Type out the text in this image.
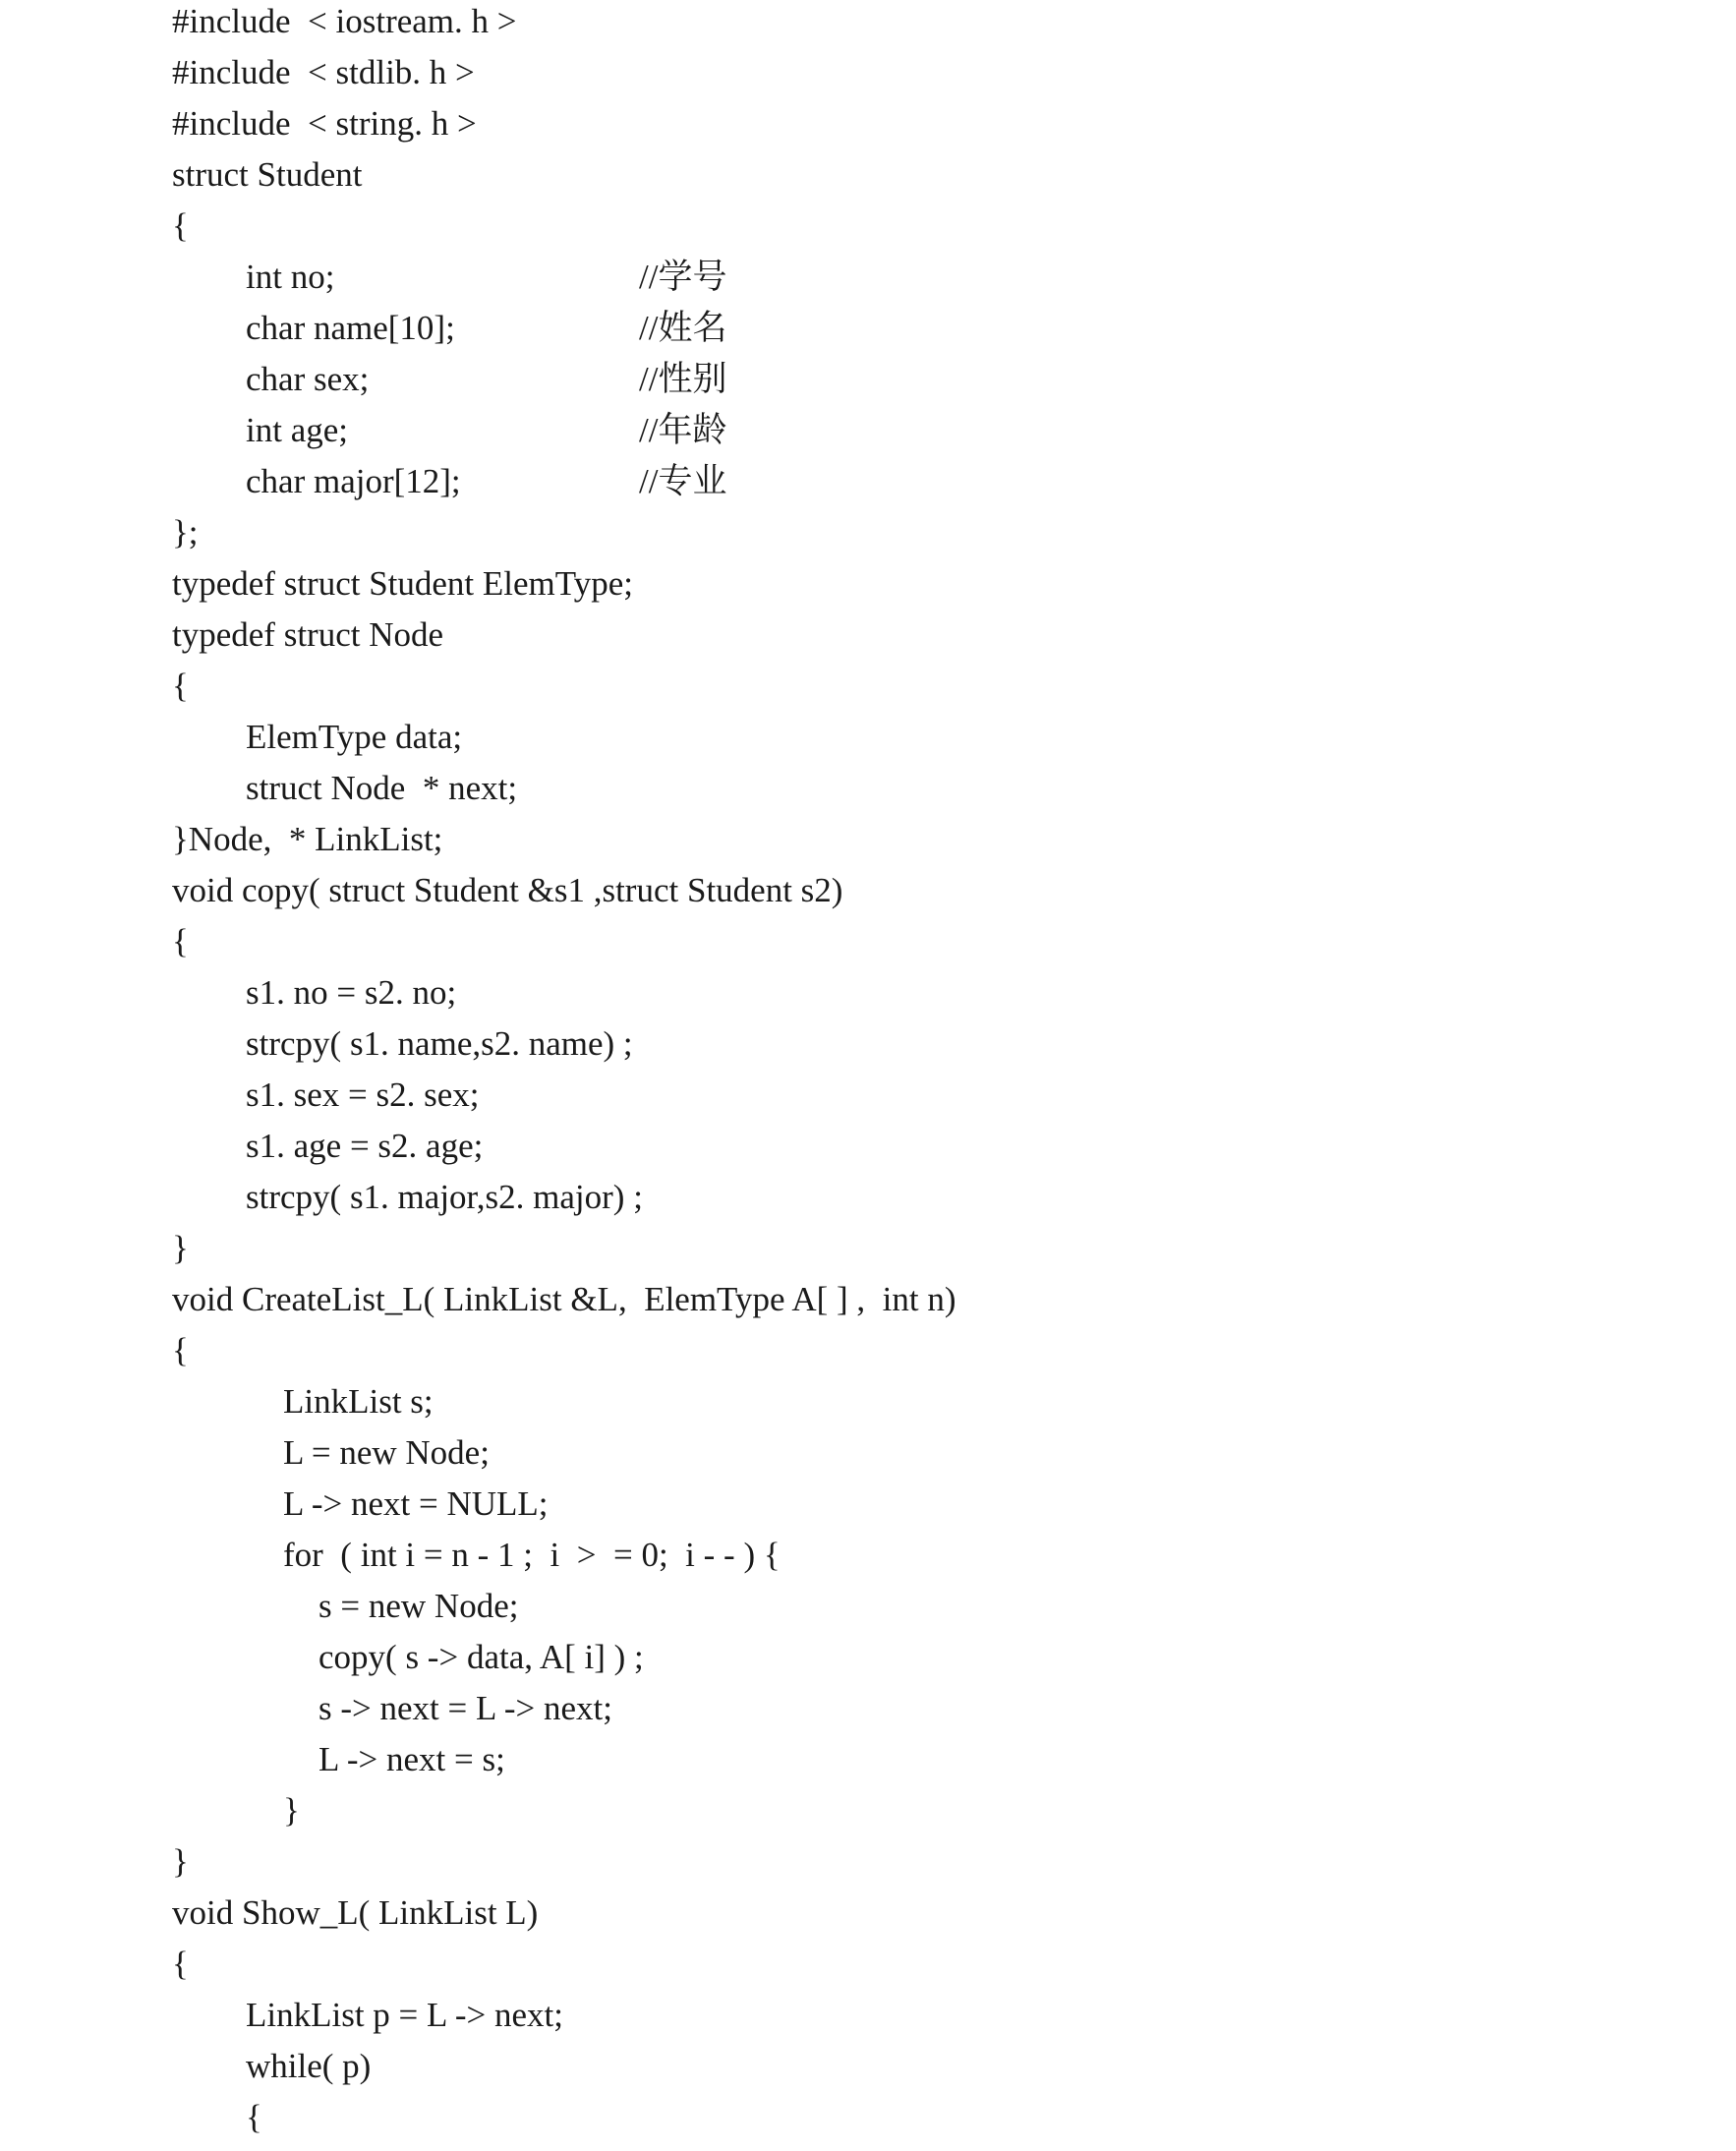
#include  < iostream. h >
#include  < stdlib. h >
#include  < string. h >
struct Student
{
int no;	//学号
char name[10];	//姓名
char sex;	//性别
int age;	//年龄
char major[12];	//专业
};
typedef struct Student ElemType;
typedef struct Node
{
ElemType data;
struct Node  * next;
}Node,  * LinkList;
void copy( struct Student &s1 ,struct Student s2)
{
s1. no = s2. no;
strcpy( s1. name,s2. name) ;
s1. sex = s2. sex;
s1. age = s2. age;
strcpy( s1. major,s2. major) ;
}
void CreateList_L( LinkList &L,  ElemType A[ ] ,  int n)
{
LinkList s;
L = new Node;
L -> next = NULL;
for  ( int i = n - 1 ;  i  >  = 0;  i - - ) {
s = new Node;
copy( s -> data, A[ i] ) ;
s -> next = L -> next;
L -> next = s;
}
}
void Show_L( LinkList L)
{
LinkList p = L -> next;
while( p)
{
